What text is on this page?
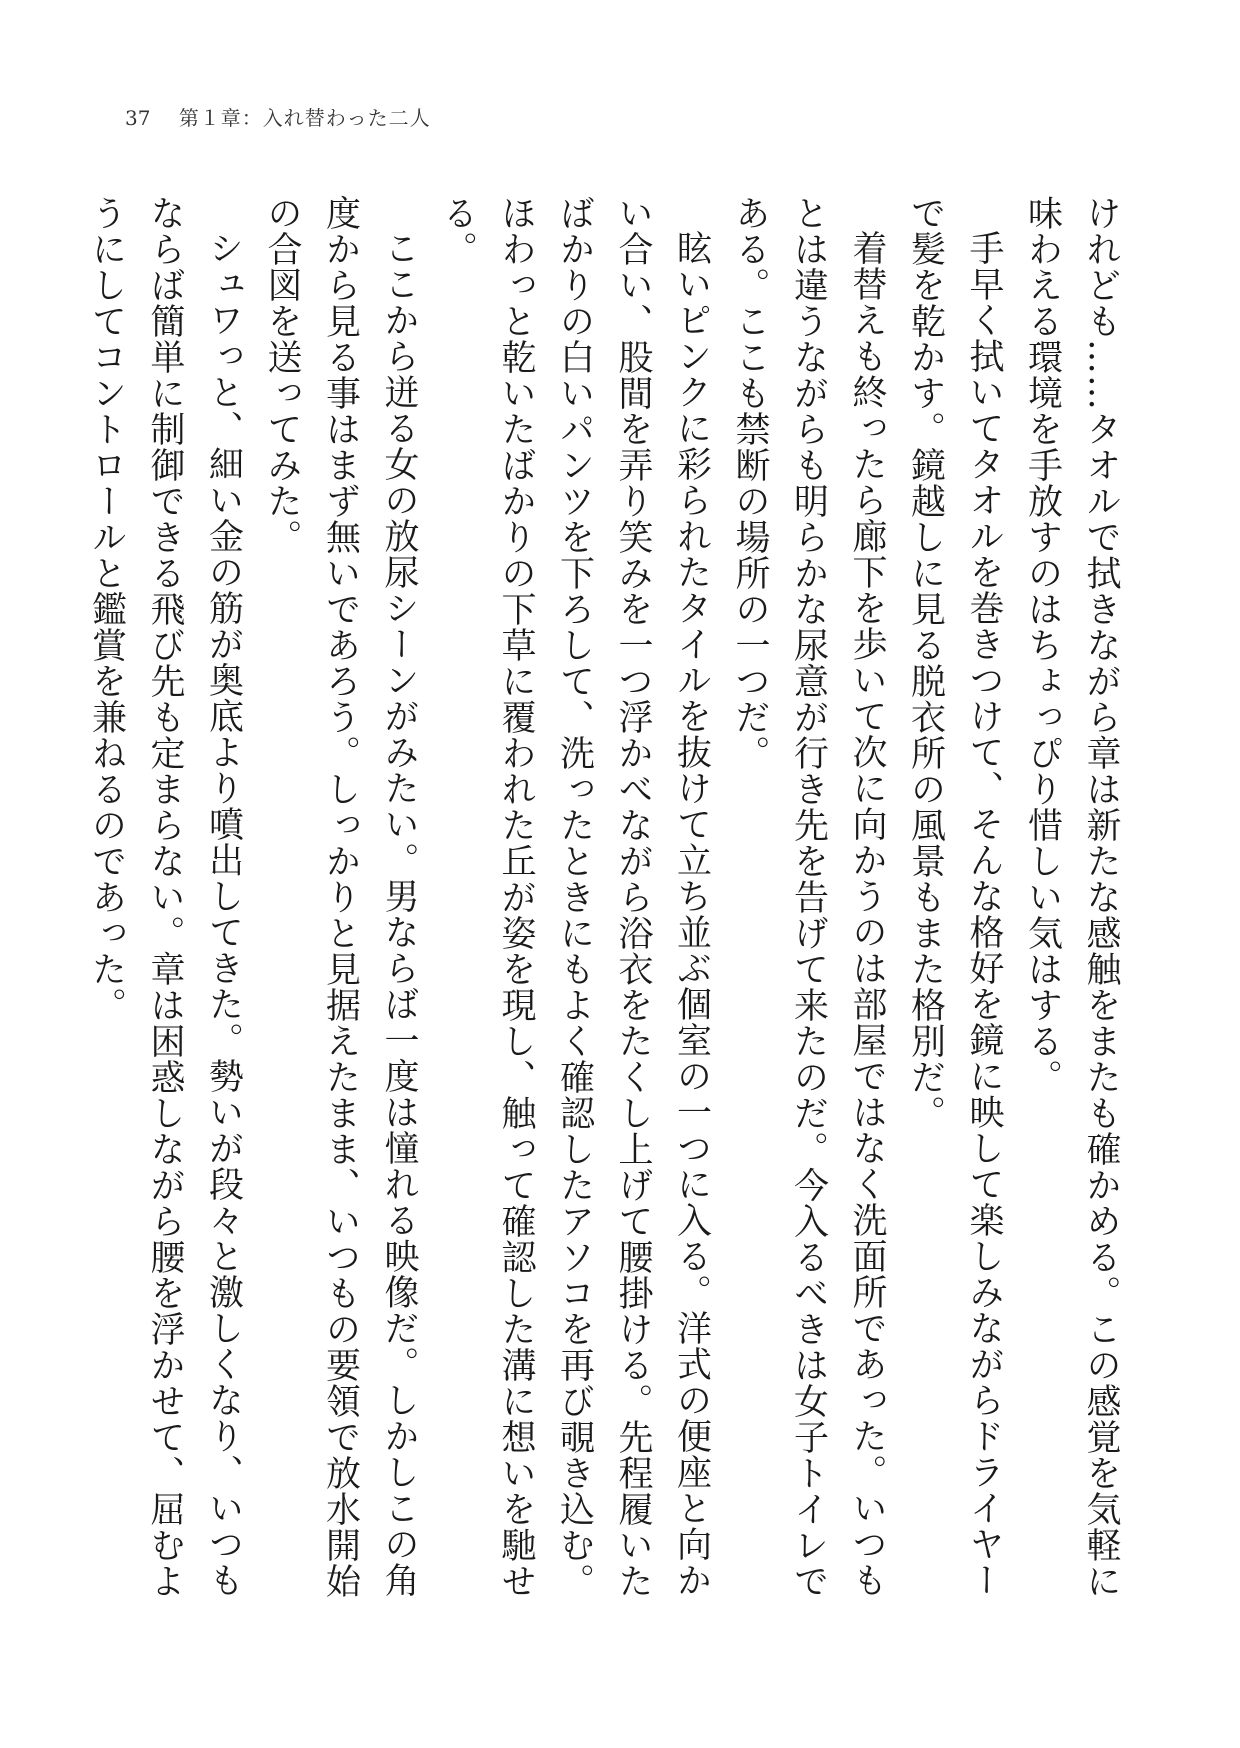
37 第１章：入れ替わった二人

けれども……タオルで拭きながら章は新たな感触をまたも確かめる。この感覚を気軽に味わえる環境を手放すのはちょっぴり惜しい気はする。

手早く拭いてタオルを巻きつけて、そんな格好を鏡に映して楽しみながらドライヤーで髪を乾かす。鏡越しに見る脱衣所の風景もまた格別だ。

着替えも終ったら廊下を歩いて次に向かうのは部屋ではなく洗面所であった。いつもとは違うながらも明らかな尿意が行き先を告げて来たのだ。今入るべきは女子トイレである。ここも禁断の場所の一つだ。

眩いピンクに彩られたタイルを抜けて立ち並ぶ個室の一つに入る。洋式の便座と向かい合い、股間を弄り笑みを一つ浮かべながら浴衣をたくし上げて腰掛ける。先程履いたばかりの白いパンツを下ろして、洗ったときにもよく確認したアソコを再び覗き込む。ほわっと乾いたばかりの下草に覆われた丘が姿を現し、触って確認した溝に想いを馳せる。

ここから迸る女の放尿シーンがみたい。男ならば一度は憧れる映像だ。しかしこの角度から見る事はまず無いであろう。しっかりと見据えたまま、いつもの要領で放水開始の合図を送ってみた。

シュワっと、細い金の筋が奥底より噴出してきた。勢いが段々と激しくなり、いつもならば簡単に制御できる飛び先も定まらない。章は困惑しながら腰を浮かせて、屈むようにしてコントロールと鑑賞を兼ねるのであった。
